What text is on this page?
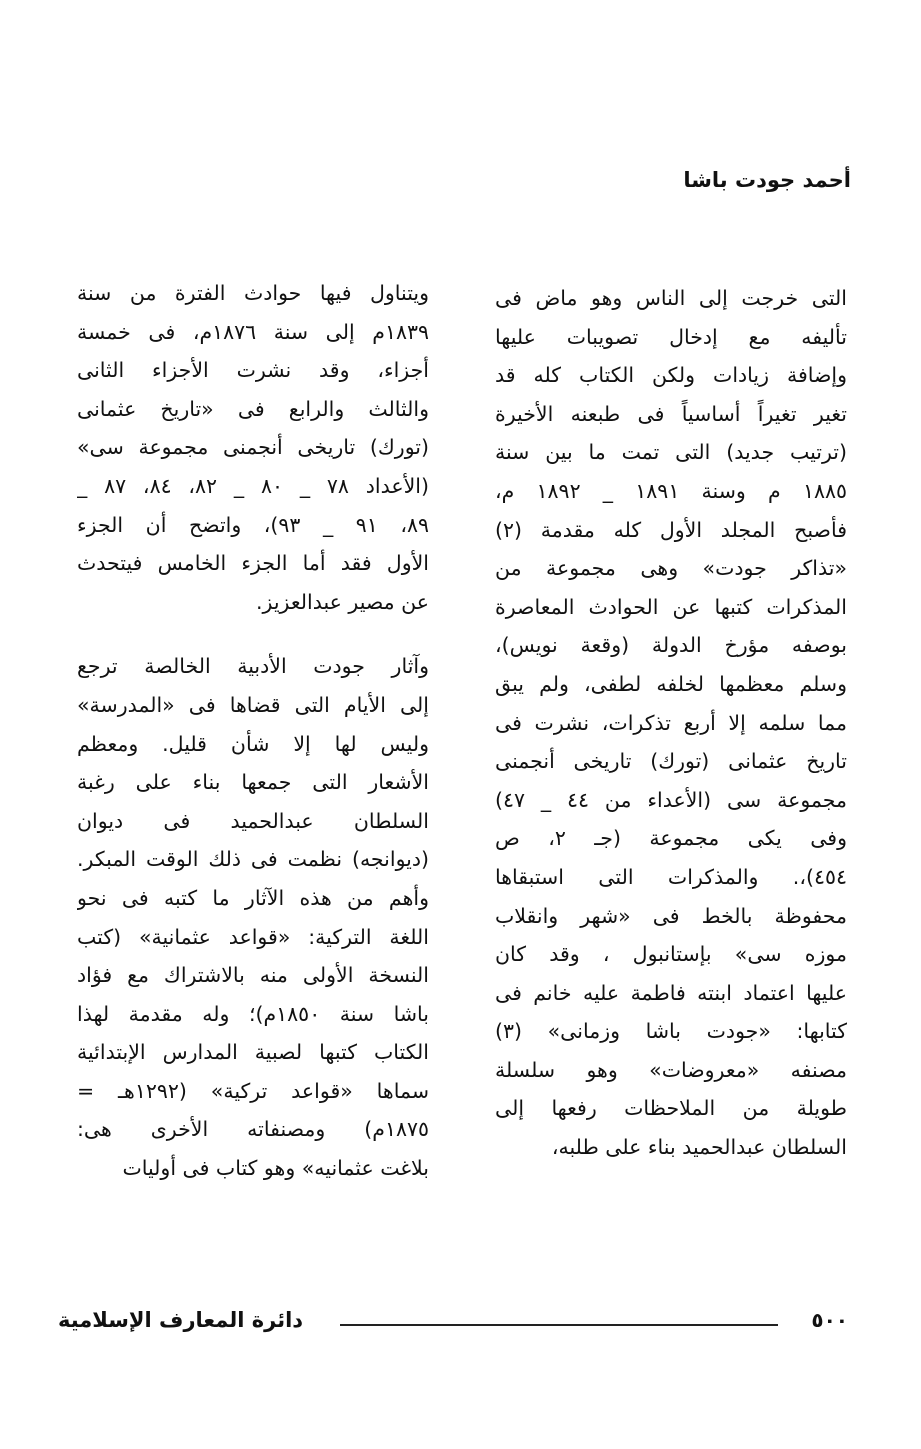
أحمد جودت باشا
التى خرجت إلى الناس وهو ماض فى
تأليفه مع إدخال تصويبات عليها
وإضافة زيادات ولكن الكتاب كله قد
تغير تغيراً أساسياً فى طبعنه الأخيرة
(ترتيب جديد) التى تمت ما بين سنة
١٨٨٥ م وسنة ١٨٩١ _ ١٨٩٢ م،
فأصبح المجلد الأول كله مقدمة (٢)
«تذاكر جودت» وهى مجموعة من
المذكرات كتبها عن الحوادث المعاصرة
بوصفه مؤرخ الدولة (وقعة نويس)،
وسلم معظمها لخلفه لطفى، ولم يبق
مما سلمه إلا أربع تذكرات، نشرت فى
تاريخ عثمانى (تورك) تاريخى أنجمنى
مجموعة سى (الأعداء من ٤٤ _ ٤٧)
وفى يكى مجموعة (جـ ٢، ص
٤٥٤)،. والمذكرات التى استبقاها
محفوظة بالخط فى «شهر وانقلاب
موزه سى» بإستانبول ، وقد كان
عليها اعتماد ابنته فاطمة عليه خانم فى
كتابها: «جودت باشا وزمانى» (٣)
مصنفه «معروضات» وهو سلسلة
طويلة من الملاحظات رفعها إلى
السلطان عبدالحميد بناء على طلبه،
ويتناول فيها حوادث الفترة من سنة
١٨٣٩م إلى سنة ١٨٧٦م، فى خمسة
أجزاء، وقد نشرت الأجزاء الثانى
والثالث والرابع فى «تاريخ عثمانى
(تورك) تاريخى أنجمنى مجموعة سى»
(الأعداد ٧٨ _ ٨٠ _ ٨٢، ٨٤، ٨٧ _
٨٩، ٩١ _ ٩٣)، واتضح أن الجزء
الأول فقد أما الجزء الخامس فيتحدث
عن مصير عبدالعزيز.
وآثار جودت الأدبية الخالصة ترجع
إلى الأيام التى قضاها فى «المدرسة»
وليس لها إلا شأن قليل. ومعظم
الأشعار التى جمعها بناء على رغبة
السلطان عبدالحميد فى ديوان
(ديوانجه) نظمت فى ذلك الوقت المبكر.
وأهم من هذه الآثار ما كتبه فى نحو
اللغة التركية: «قواعد عثمانية» (كتب
النسخة الأولى منه بالاشتراك مع فؤاد
باشا سنة ١٨٥٠م)؛ وله مقدمة لهذا
الكتاب كتبها لصبية المدارس الإبتدائية
سماها «قواعد تركية» (١٢٩٢هـ =
١٨٧٥م) ومصنفاته الأخرى هى:
بلاغت عثمانيه» وهو كتاب فى أوليات
٥٠٠
دائرة المعارف الإسلامية
